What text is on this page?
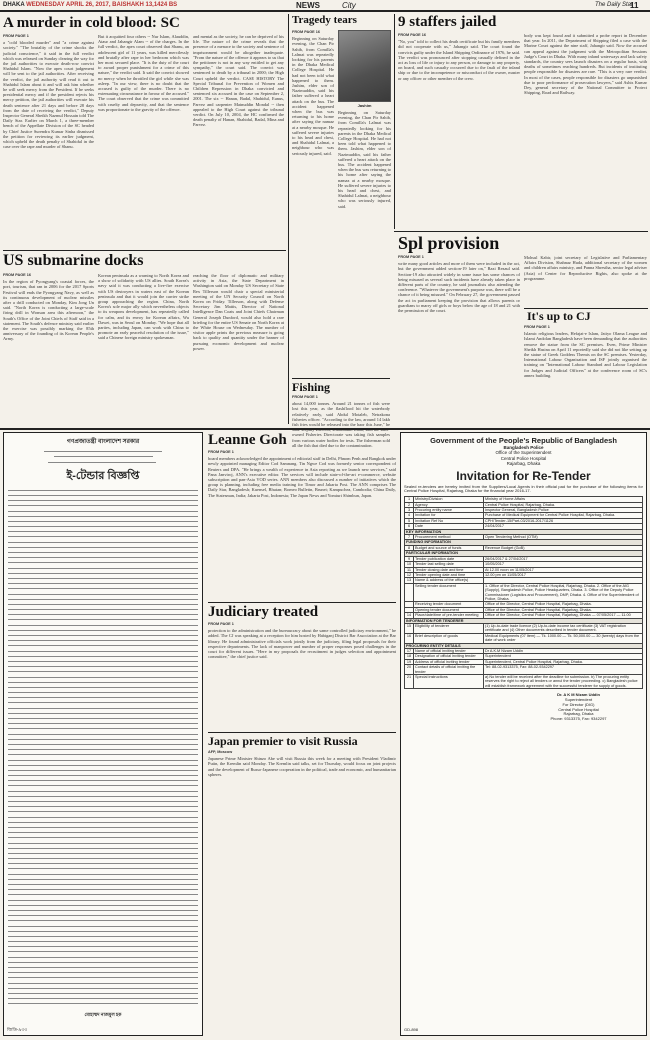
DHAKA WEDNESDAY APRIL 26, 2017, BAISHAKH 13,1424 BS	NEWS	City	The Daily Star
11
A murder in cold blood: SC
FROM PAGE 1
a "cold blooded murder" and "a crime against society." "The brutality of the crime shocks the judicial conscience," it said in the full verdict which was released on Sunday clearing the way for the jail authorities to execute death-row convict Shahidul Islam. "Now the apex court judgement will be sent to the jail authorities. After receiving the verdict, the jail authority will read it out to Shahidul Islam about it and will ask him whether he will seek mercy from the President. If he seeks presidential mercy and if the president rejects his mercy petition, the jail authorities will execute his death sentence after 21 days and before 28 days from the date of receiving the verdict," Deputy Inspector General Sheikh Nazmul Hossain told The Daily Star. Earlier on March 1, a three-member bench of the Appellate Division of the SC headed by Chief Justice Surendra Kumar Sinha dismissed the petition for reviewing its earlier judgment, which upheld the death penalty of Shahidul in the case over the rape and murder of Shanu.
But it acquitted four others -- Nur Islam, Alauddin, Ataur and Jahangir Alam -- of the charges. In the full verdict, the apex court observed that Shanu, an adolescent girl of 11 years, was killed mercilessly and brutally after rape in her bedroom which was her most secured place. "It is the duty of the court to award proper punishment for a crime of this nature," the verdict said. It said the convict showed no mercy when he throttled the girl while she was asleep. "In our view, there is no doubt that the accused is guilty of the murder. There is no extenuating circumstance in favour of the accused." The court observed that the crime was committed with cruelty and depravity, and that the sentence was proportionate to the gravity of the offence.
and mental as the society, he can be deprived of his life. The nature of the crime reveals that the presence of a menace to the society and sentence of imprisonment would be altogether inadequate. "From the nature of the offence it appears to us that the petitioner is not in any way entitled to get any sympathy," the court said. The convict was sentenced to death by a tribunal in 2000; the High Court upheld the verdict. CASE HISTORY The Special Tribunal for Prevention of Women and Children Repression in Dhaka convicted and sentenced six accused in the case on September 2, 2001. The six -- Hanan, Badal, Shahidul, Eunus, Parvez and carpenter Mainuddin Mondal -- then appealed to the High Court against the tribunal verdict. On July 10, 2004, the HC confirmed the death penalty of Hanan, Shahidul, Badal, Mina and Parvez.
Tragedy tears
FROM PAGE 16
Beginning on Saturday evening, the Chan Pir Sahib, from Comilla's Lalmai was repeatedly looking for his parents in the Dhaka Medical College Hospital. He had not been told what happened to them. Jashim, elder son of Nazimuddin, said his father suffered a heart attack on the bus. The accident happened when the bus was returning to his home after saying the namaz at a nearby mosque. He suffered severe injuries to his head and chest, and Shahidul Lalmai, a neighbour who was seriously injured, said.
Jashim
Beginning on Saturday evening, the Chan Pir Sahib, from Comilla's Lalmai was repeatedly looking for his parents in the Dhaka Medical College Hospital. He had not been told what happened to them. Jashim, elder son of Nazimuddin, said his father suffered a heart attack on the bus. The accident happened when the bus was returning to his home after saying the namaz at a nearby mosque. He suffered severe injuries to his head and chest, and Shahidul Lalmai, a neighbour who was seriously injured, said.
9 staffers jailed
FROM PAGE 16
"No, you" told to collect his death certificate but his family members did not cooperate with us," Jahangir said. The court found the convicts guilty under the Island Shipping Ordinance of 1976, he said. The verdict was pronounced after stopping casually defined in the act as loss of life or injury to any person, or damage to any property, on board, and such casualty occurred due to the fault of the inland ship or due to the incompetence or misconduct of the owner, master or any officer or other member of the crew.
body was kept found and it submitted a probe report in December that year. In 2011, the Department of Shipping filed a case with the Marine Court against the nine staff, Jahangir said. Now the accused can appeal against the judgment with the Metropolitan Sessions Judge's Court in Dhaka. With many inland waterways and lack safety standards, the country sees launch disasters on a regular basis, with deaths of sometimes reaching hundreds. But incidents of instituting people responsible for disasters are rare. "This is a very rare verdict. In most of the cases, people responsible for disasters go unpunished due to poor performance of prosecution lawyers," said Ashis Kumar Dey, general secretary of the National Committee to Protect Shipping, Road and Railway.
Spl provision
FROM PAGE 1
write many good articles and more of them were included in the act, but the government added section-19 later on," Razi Rezaul said. Section-19 also attracted widely in some issue has some chances of being misused as several such incidents have already taken place in different parts of the country, he said journalists also attending the conference. "Whatever the government's purpose was, there will be a chance of it being misused." On February 27, the government passed the act in parliament keeping the provision that allows parents or guardians to marry off girls or boys below the age of 18 and 21 with the permission of the court.
Mohsul Kabir, joint secretary of Legislative and Parliamentary Affairs Division, Shahnaz Huda, additional secretary of the women and children affairs ministry, and Panna Shrestha, senior legal adviser (Asia) of Center for Reproductive Rights, also spoke at the programme.
It's up to CJ
FROM PAGE 1
Islamic religious leaders, Hefajat-e Islam, Jatiyo Olama League and Islami Andolan Bangladesh have been demanding that the authorities remove the statue from the SC premises. Even, Prime Minister Sheikh Hasina on April 11 reportedly said she did not like setting up the statue of Greek Goddess Themis on the SC premises. Yesterday, International Labour Organisation and ISF jointly organised the training on "International Labour Standard and Labour Legislation for Judges and Judicial Officers" at the conference room of SC's annex building.
US submarine docks
FROM PAGE 16
In the region of Pyongyang's coastal forces, the port, tourism, that ran in 2006 for the 2017 Sports Festival will ends the Pyongyang Navy, as well as its continuous development of nuclear missiles after a drill conducted on Monday, Kim Jong Un said. "North Korea is conducting a large-scale firing drill in Wonsan area this afternoon," the South's Office of the Joint Chiefs of Staff said in a statement. The South's defence ministry said earlier the exercise was possibly marking the 85th anniversary of the founding of its Korean People's Army.
Korean peninsula as a warning to North Korea and a show of solidarity with US allies. South Korea's navy said it was conducting a live-fire exercise with US destroyers in waters east of the Korean peninsula and that it would join the carrier strike group approaching the region. China, North Korea's sole major ally which nevertheless objects to its weapons development, has repeatedly called for calm, and its envoy for Korean affairs, Wu Dawei, was in Seoul on Monday. "We hope that all parties, including Japan, can work with China to promote an early peaceful resolution of the issue," said a Chinese foreign ministry spokesman.
reaching the floor of diplomatic and military activity in Asia, the State Department in Washington said on Monday US Secretary of State Rex Tillerson would chair a special ministerial meeting of the UN Security Council on North Korea on Friday. Tillerson, along with Defense Secretary Jim Mattis, Director of National Intelligence Dan Coats and Joint Chiefs Chairman General Joseph Dunford, would also hold a rare briefing for the entire US Senate on North Korea at the White House on Wednesday. The number of visitor apple prints the previous measure is going back to quality and quantity under the banner of pursuing economic development and nuclear power.
Fishing
FROM PAGE 1
about 14,000 tonnes. Around 21 tonnes of fish were lost this year, as the flashflood hit the waterbody relatively early, said Abdul Motaleb, Netrakona fisheries officer. "According to the law, around 14 lakh fish fries would be released into the haor this June," he owned Fisheries Directorate was taking fish samples from various water bodies for tests. The fisherman sold all the fish that died due to the contamination.
গণপ্রজাতন্ত্রী বাংলাদেশ সরকার
ই-টেন্ডার বিজ্ঞপ্তি
মোহাম্মদ নাজমুল হক
জিডি-৯৩৩
Leanne Goh
FROM PAGE 1
board members acknowledged the appointment of editorial staff in Delhi, Phnom Penh and Bangkok under newly appointed managing Editor Cod Samnang. Tin Ngwe Cod was formerly senior correspondent of Reuters and DPA. "He brings a wealth of experience in Asia reporting as we launch new services," said Pana Janviroj, ANN's executive editor. The services will include state-of-the-art e-commerce, website subscription and pan-Asia VOD series. ANN members also discussed a number of initiatives which the group is planning, including free media training for Timor and Jakarta Post. The ANN comprises The Daily Star, Bangladesh; Kuensel, Bhutan; Borneo Bulletin, Brunei; Kampuchea, Cambodia; China Daily, The Statesman, India; Jakarta Post, Indonesia; The Japan News and Yomiuri Shimbun, Japan.
Judiciary treated
FROM PAGE 1
protection to the administration and the bureaucracy about the same controlled judiciary environment," he added. The CJ was speaking at a reception for him hosted by Habiganj District Bar Association at the Bar library. He found administrative officials work jointly from the judiciary, filing legal proposals for their respective departments. The lack of manpower and number of proper responses posed challenges in the court for different issues. "Here in my proposals the recruitment in judges selection and appointment committee," the chief justice said.
Japan premier to visit Russia
AFP, Moscow
Japanese Prime Minister Shinzo Abe will visit Russia this week for a meeting with President Vladimir Putin, the Kremlin said Monday. The Kremlin said talks, set for Thursday, would focus on joint projects and the development of Russo-Japanese cooperation in the political, trade and economic, and humanitarian spheres.
Government of the People's Republic of Bangladesh
Bangladesh Police
Office of the Superintendent
Central Police Hospital
Rajarbag, Dhaka
Invitation for Re-Tender
Sealed re-tenders are hereby invited from the Suppliers/Local Agents in their official pad for the purchase of the following items for Central Police Hospital, Rajarbag, Dhaka for the financial year 2016-17.
1	Ministry/Division	Ministry of Home Affairs
2	Agency	Central Police Hospital, Rajarbag, Dhaka.
3	Procuring entity name	Inspector General, Bangladesh Police
4	Invitation for	Purchase of Medical Equipment for Central Police Hospital, Rajarbag, Dhaka.
5	Invitation Ref No	CPH/Tender-15/Part-03/2016-2017/1126
6	Date	24/04/2017
KEY INFORMATION		
7	Procurement method	Open Tendering Method (OTM)
FUNDING INFORMATION		
8	Budget and source of funds	Revenue Budget (GoB)
PARTICULAR INFORMATION		
9	Tender publication date	26/04/2017 & 27/04/2017
10	Tender last selling date	10/05/2017
11	Tender closing date and time	At 12.00 noon on 11/05/2017
12	Tender opening date and time	12.00 pm on 11/05/2017
13	Name & address of the office(s)	
	Selling tender document	1. Office of the Director, Central Police Hospital, Rajarbag, Dhaka. 2. Office of the AIG (Supply), Bangladesh Police, Police Headquarters, Dhaka. 3. Office of the Deputy Police Commissioner (Logistics and Procurement), DMP, Dhaka. 4. Office of the Superintendent of Police, Dhaka.
	Receiving tender document	Office of the Director, Central Police Hospital, Rajarbag, Dhaka.
	Opening tender document	Office of the Director, Central Police Hospital, Rajarbag, Dhaka.
14	Place/date/time of pre-tender meeting	Office of the Director, Central Police Hospital, Rajarbag, Dhaka — 07/05/2017 — 11.00
INFORMATION FOR TENDERER		
15	Eligibility of tenderer	(1) Up-to-date trade licence (2) Up-to-date income tax certificate (3) VAT registration certificate and (4) Other documents described in tender document.
16	Brief description of goods	Medical Equipments (07 Item) — Tk. 1000.00 — Tk. 50,000.00 — 30 (twenty) days from the date of work order
PROCURING ENTITY DETAILS		
17	Name of official inviting tender	Dr A.K.M Nizam Uddin
18	Designation of official inviting tender	Superintendent
19	Address of official inviting tender	Superintendent, Central Police Hospital, Rajarbag, Dhaka.
20	Contact details of official inviting the tender	Tel: 88-02-9313375, Fax: 88-02-9342297
21	Special instructions	a) No tender will be received after the deadline for submission. b) The procuring entity reserves the right to reject all tenders or annul the tender proceeding. c) Bangladesh police will establish framework agreement with the successful tenderer for supply of goods.
Dr. A K M Nizam Uddin
Superintendent
For Director (DIG)
Central Police Hospital
Rajarbag, Dhaka
Phone: 9313375, Fax: 9342297
GD-898
